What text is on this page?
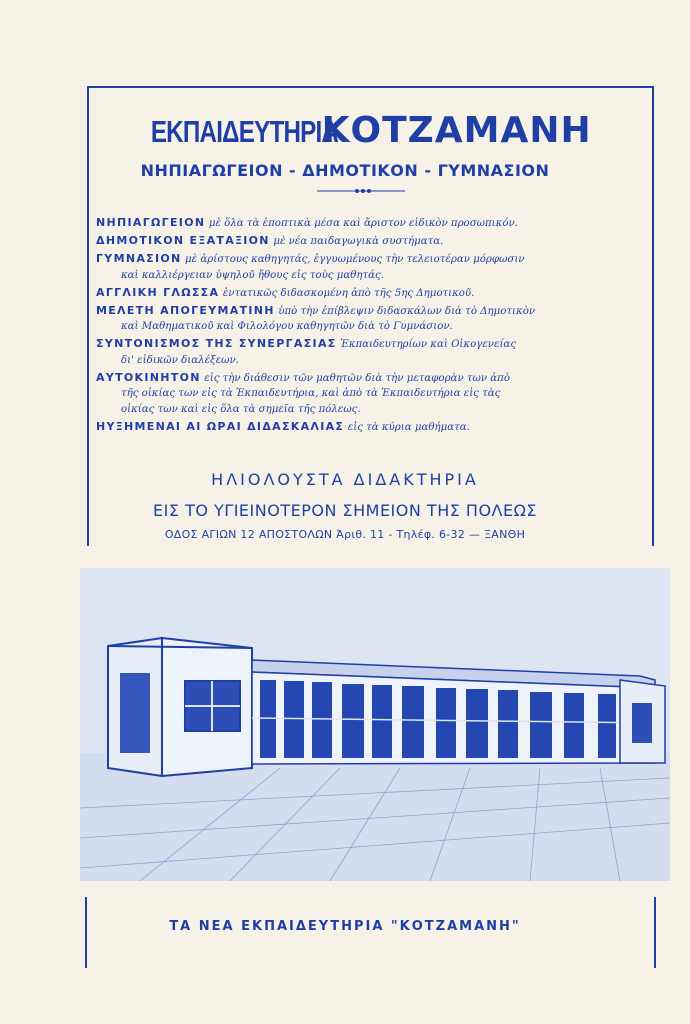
ΕΚΠΑΙΔΕΥΤΗΡΙΑ ΚΟΤΖΑΜΑΝΗ
ΝΗΠΙΑΓΩΓΕΙΟΝ - ΔΗΜΟΤΙΚΟΝ - ΓΥΜΝΑΣΙΟΝ
ΝΗΠΙΑΓΩΓΕΙΟΝ μὲ ὅλα τὰ ἐποπτικὰ μέσα καὶ ἄριστον εἰδικὸν προσωπικόν.
ΔΗΜΟΤΙΚΟΝ ΕΞΑΤΑΞΙΟΝ μὲ νέα παιδαγωγικὰ συστήματα.
ΓΥΜΝΑΣΙΟΝ μὲ ἀρίστους καθηγητάς, ἐγγυωμένους τὴν τελειοτέραν μόρφωσιν
καὶ καλλιέργειαν ὑψηλοῦ ἤθους εἰς τοὺς μαθητάς.
ΑΓΓΛΙΚΗ ΓΛΩΣΣΑ ἐντατικῶς διδασκομένη ἀπὸ τῆς 5ης Δημοτικοῦ.
ΜΕΛΕΤΗ ΑΠΟΓΕΥΜΑΤΙΝΗ ὑπὸ τὴν ἐπίβλεψιν διδασκάλων διὰ τὸ Δημοτικὸν
καὶ Μαθηματικοῦ καὶ Φιλολόγου καθηγητῶν διὰ τὸ Γυμνάσιον.
ΣΥΝΤΟΝΙΣΜΟΣ ΤΗΣ ΣΥΝΕΡΓΑΣΙΑΣ Ἐκπαιδευτηρίων καὶ Οἰκογενείας
δι' εἰδικῶν διαλέξεων.
ΑΥΤΟΚΙΝΗΤΟΝ εἰς τὴν διάθεσιν τῶν μαθητῶν διὰ τὴν μεταφορὰν των ἀπὸ
τῆς οἰκίας των εἰς τὰ Ἐκπαιδευτήρια, καὶ ἀπὸ τὰ Ἐκπαιδευτήρια εἰς τὰς
οἰκίας των καὶ εἰς ὅλα τὰ σημεῖα τῆς πόλεως.
ΗΥΞΗΜΕΝΑΙ ΑΙ ΩΡΑΙ ΔΙΔΑΣΚΑΛΙΑΣ εἰς τὰ κύρια μαθήματα.
ΗΛΙΟΛΟΥΣΤΑ ΔΙΔΑΚΤΗΡΙΑ
ΕΙΣ ΤΟ ΥΓΙΕΙΝΟΤΕΡΟΝ ΣΗΜΕΙΟΝ ΤΗΣ ΠΟΛΕΩΣ
ΟΔΟΣ ΑΓΙΩΝ 12 ΑΠΟΣΤΟΛΩΝ Ἀριθ. 11 - Τηλέφ. 6-32 — ΞΑΝΘΗ
ΤΑ ΝΕΑ ΕΚΠΑΙΔΕΥΤΗΡΙΑ "ΚΟΤΖΑΜΑΝΗ"
